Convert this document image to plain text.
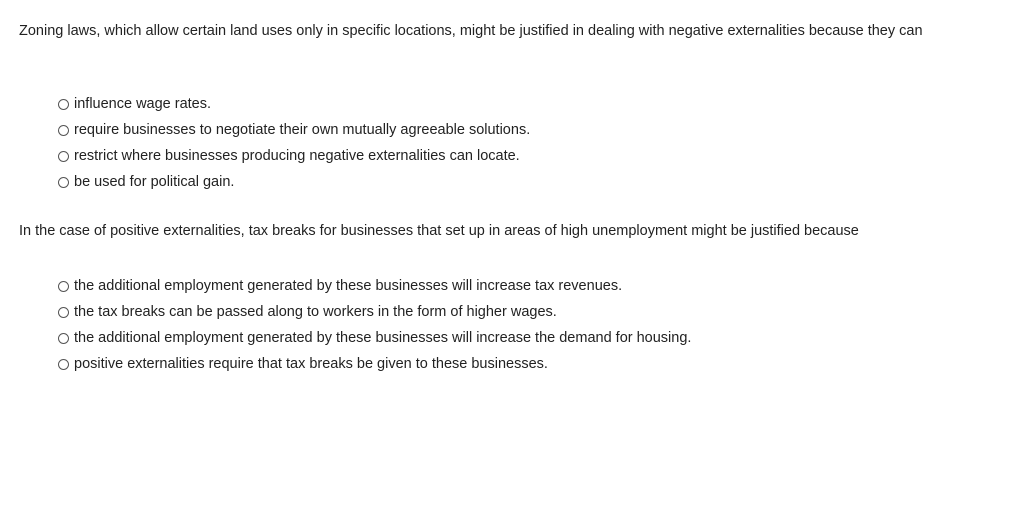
Zoning laws, which allow certain land uses only in specific locations, might be justified in dealing with negative externalities because they can

influence wage rates.
require businesses to negotiate their own mutually agreeable solutions.
restrict where businesses producing negative externalities can locate.
be used for political gain.

In the case of positive externalities, tax breaks for businesses that set up in areas of high unemployment might be justified because

the additional employment generated by these businesses will increase tax revenues.
the tax breaks can be passed along to workers in the form of higher wages.
the additional employment generated by these businesses will increase the demand for housing.
positive externalities require that tax breaks be given to these businesses.
